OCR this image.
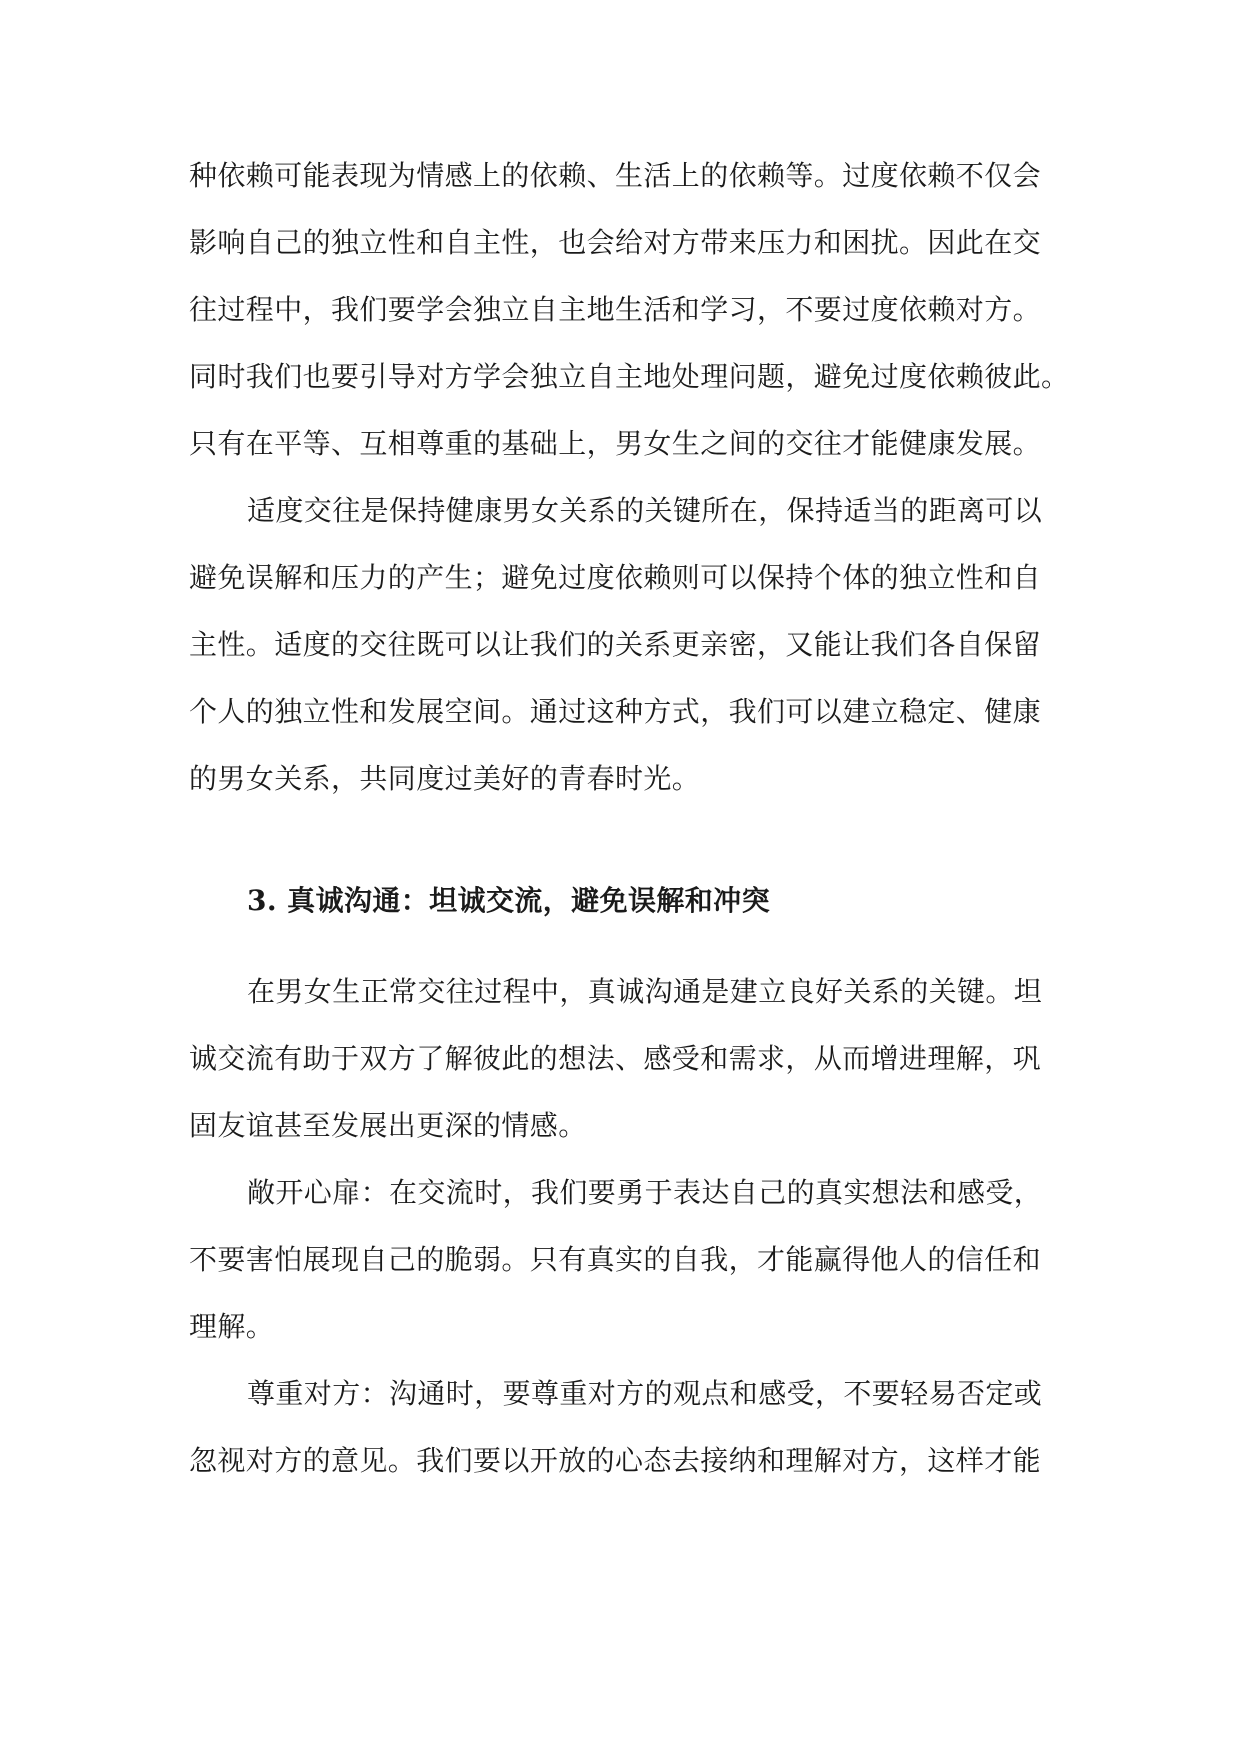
种依赖可能表现为情感上的依赖、生活上的依赖等。过度依赖不仅会
影响自己的独立性和自主性，也会给对方带来压力和困扰。因此在交
往过程中，我们要学会独立自主地生活和学习，不要过度依赖对方。
同时我们也要引导对方学会独立自主地处理问题，避免过度依赖彼此。
只有在平等、互相尊重的基础上，男女生之间的交往才能健康发展。
适度交往是保持健康男女关系的关键所在，保持适当的距离可以
避免误解和压力的产生；避免过度依赖则可以保持个体的独立性和自
主性。适度的交往既可以让我们的关系更亲密，又能让我们各自保留
个人的独立性和发展空间。通过这种方式，我们可以建立稳定、健康
的男女关系，共同度过美好的青春时光。
3. 真诚沟通：坦诚交流，避免误解和冲突
在男女生正常交往过程中，真诚沟通是建立良好关系的关键。坦
诚交流有助于双方了解彼此的想法、感受和需求，从而增进理解，巩
固友谊甚至发展出更深的情感。
敞开心扉：在交流时，我们要勇于表达自己的真实想法和感受，
不要害怕展现自己的脆弱。只有真实的自我，才能赢得他人的信任和
理解。
尊重对方：沟通时，要尊重对方的观点和感受，不要轻易否定或
忽视对方的意见。我们要以开放的心态去接纳和理解对方，这样才能
